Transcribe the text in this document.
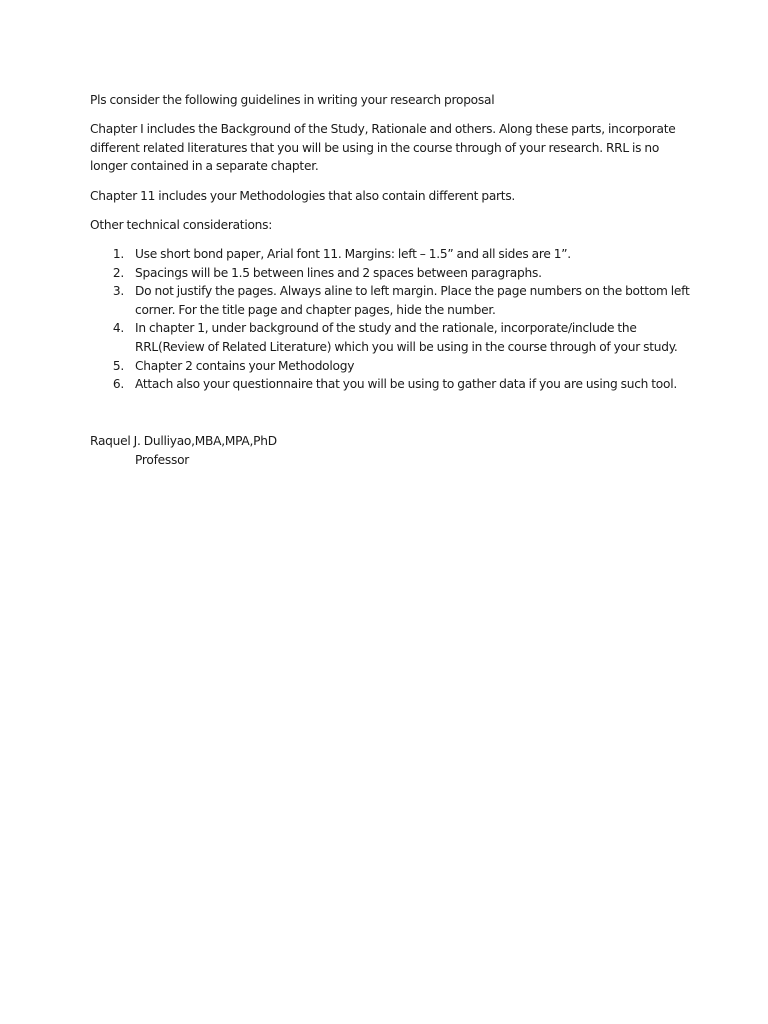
Pls consider the following guidelines in writing your research proposal

Chapter I includes the Background of the Study, Rationale and others. Along these parts, incorporate
different related literatures that you will be using in the course through of your research. RRL is no
longer contained in a separate chapter.

Chapter 11 includes your Methodologies that also contain different parts.

Other technical considerations:

1. Use short bond paper, Arial font 11. Margins: left – 1.5” and all sides are 1”.
2. Spacings will be 1.5 between lines and 2 spaces between paragraphs.
3. Do not justify the pages. Always aline to left margin. Place the page numbers on the bottom left
corner. For the title page and chapter pages, hide the number.
4. In chapter 1, under background of the study and the rationale, incorporate/include the
RRL(Review of Related Literature) which you will be using in the course through of your study.
5. Chapter 2 contains your Methodology
6. Attach also your questionnaire that you will be using to gather data if you are using such tool.
Raquel J. Dulliyao,MBA,MPA,PhD
Professor
